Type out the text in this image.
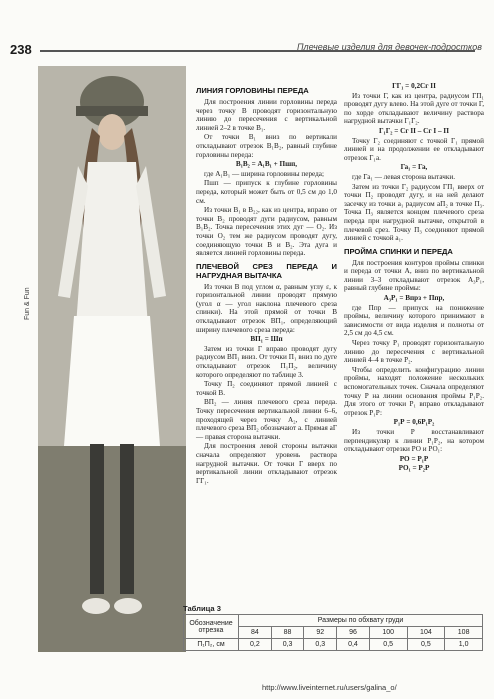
238	Плечевые изделия для девочек-подростков
Fun & Fun
ЛИНИЯ ГОРЛОВИНЫ ПЕРЕДА

Для построения линии горловины переда через точку В проводят горизонтальную линию до пересечения с вертикальной линией 2–2 в точке В₁.

От точки В₁ вниз по вертикали откладывают отрезок В₁В₂, равный глубине горловины переда:

В₁В₂ = А₁В₁ + Пшп,

где А₁В₁ — ширина горловины переда;

Пшп — припуск к глубине горловины переда, который может быть от 0,5 см до 1,0 см.

Из точки В₁ в В₂₂, как из центра, вправо от точки В₂ проводят дуги радиусом, равным В₁В₂. Точка пересечения этих дуг — О₂. Из точки О₂ тем же радиусом проводят дугу, соединяющую точки В и В₂. Эта дуга и является линией горловины переда.

ПЛЕЧЕВОЙ СРЕЗ ПЕРЕДА И НАГРУДНАЯ ВЫТАЧКА

Из точки В под углом α, равным углу ε, к горизонтальной линии проводят прямую (угол α — угол наклона плечевого среза спинки). На этой прямой от точки В откладывают отрезок ВП₁, определяющий ширину плечевого среза переда:

ВП₁ = Шп

Затем из точки Г вправо проводят дугу радиусом ВП₁ вниз. От точки П₁ вниз по дуге откладывают отрезок П₁П₂, величину которого определяют по таблице 3.

Точку П₂ соединяют прямой линией с точкой В.

ВП₂ — линия плечевого среза переда. Точку пересечения вертикальной линии 6–6, проходящей через точку А₂, с линией плечевого среза ВП₂ обозначают а. Прямая аГ — правая сторона вытачки.

Для построения левой стороны вытачки сначала определяют уровень раствора нагрудной вытачки. От точки Г вверх по вертикальной линии откладывают отрезок ГГ₁.

ГГ₁ = 0,2Сг II

Из точки Г, как из центра, радиусом ГП₁ проводят дугу влево. На этой дуге от точки Г, по хорде откладывают величину раствора нагрудной вытачки Г₁Г₂.

Г₁Г₂ = Сг II – Сг I – П

Точку Г₂ соединяют с точкой Г₁ прямой линией и на продолжении ее откладывают отрезок Г₁а.

Га₁ = Га,

где Га₁ — левая сторона вытачки.

Затем из точки Г₂ радиусом ГП₁ вверх от точки П₂ проводят дугу, и на ней делают засечку из точки а₁ радиусом аП₂ в точке П₃. Точка П₃ является концом плечевого среза переда при нагрудной вытачке, открытой в плечевой срез. Точку П₃ соединяют прямой линией с точкой а₁.

ПРОЙМА СПИНКИ И ПЕРЕДА

Для построения контуров проймы спинки и переда от точки А, вниз по вертикальной линии 3–3 откладывают отрезок А₃Р₁, равный глубине проймы:

А₃Р₁ = Впрз + Ппр,

где Ппр — припуск на понижение проймы, величину которого принимают в зависимости от вида изделия и полноты от 2,5 см до 4,5 см.

Через точку Р₁ проводят горизонтальную линию до пересечения с вертикальной линией 4–4 в точке Р₂.

Чтобы определить конфигурацию линии проймы, находят положение нескольких вспомогательных точек. Сначала определяют точку Р на линии основания проймы Р₁Р₂. Для этого от точки Р₁ вправо откладывают отрезок Р₁Р:

Р₁Р = 0,6Р₁Р₂

Из точки Р восстанавливают перпендикуляр к линии Р₁Р₂, на котором откладывают отрезки РО и РО₁:

РО = Р₁Р

РО₁ = Р₂Р

Таблица 3
Обозначение отрезка	Размеры по обхвату груди						
	84	88	92	96	100	104	108
П₁П₂, см	0,2	0,3	0,3	0,4	0,5	0,5	1,0
http://www.liveinternet.ru/users/galina_o/
